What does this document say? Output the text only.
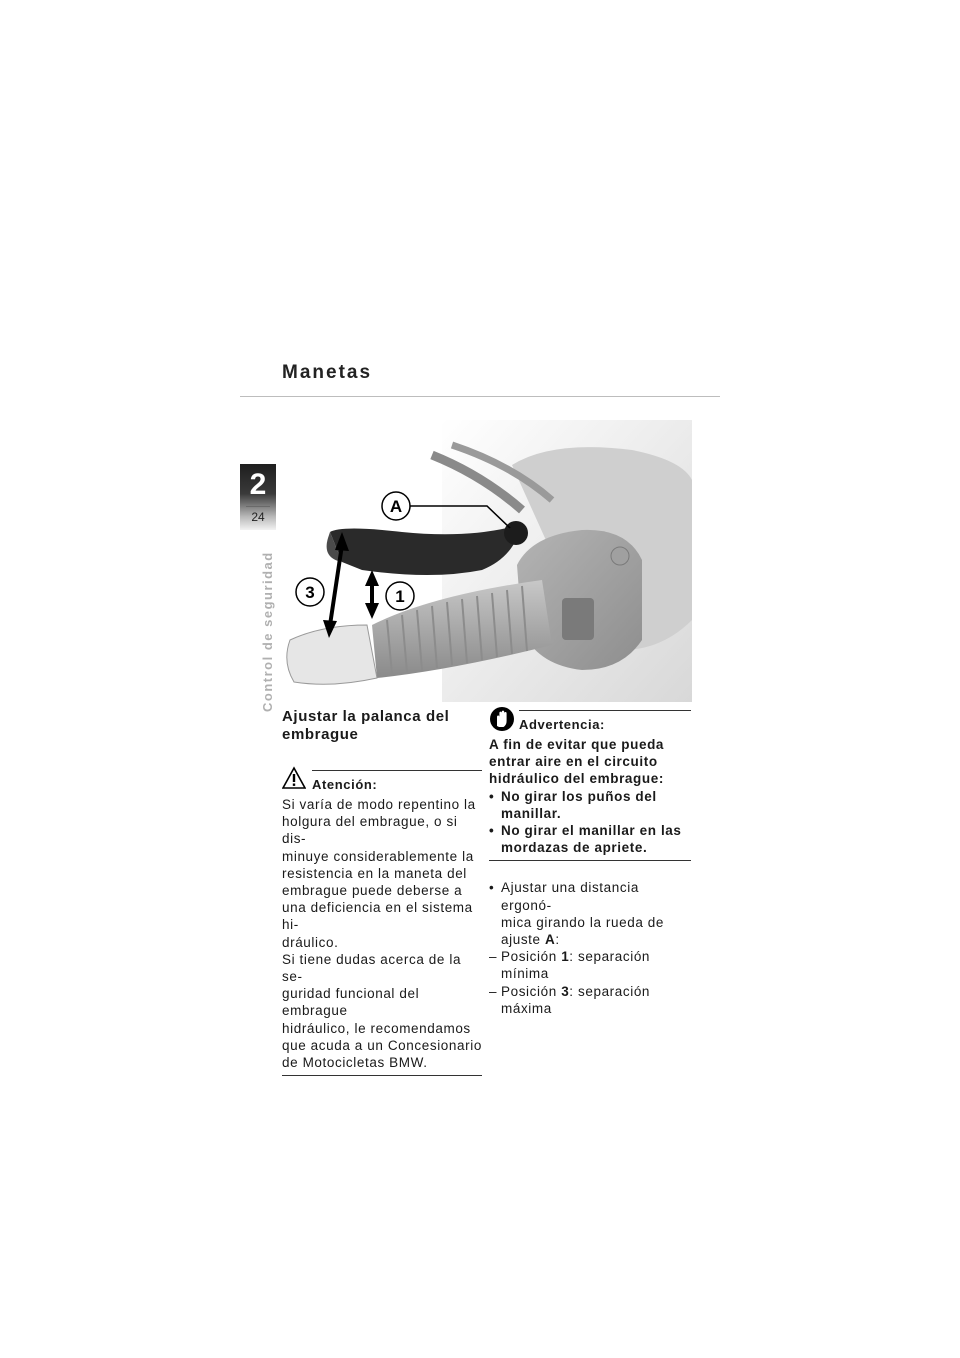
Manetas
2
24
Control de seguridad
A
3	1
Ajustar la palanca del embrague
Atención:

Si varía de modo repentino la
holgura del embrague, o si dis-
minuye considerablemente la
resistencia en la maneta del
embrague puede deberse a
una deficiencia en el sistema hi-
dráulico.
Si tiene dudas acerca de la se-
guridad funcional del embrague
hidráulico, le recomendamos
que acuda a un Concesionario
de Motocicletas BMW.

Advertencia:
A fin de evitar que pueda
entrar aire en el circuito
hidráulico del embrague:
• No girar los puños del
manillar.
• No girar el manillar en las
mordazas de apriete.
• Ajustar una distancia ergonó-
mica girando la rueda de
ajuste A:
– Posición 1: separación
mínima
– Posición 3: separación
máxima
